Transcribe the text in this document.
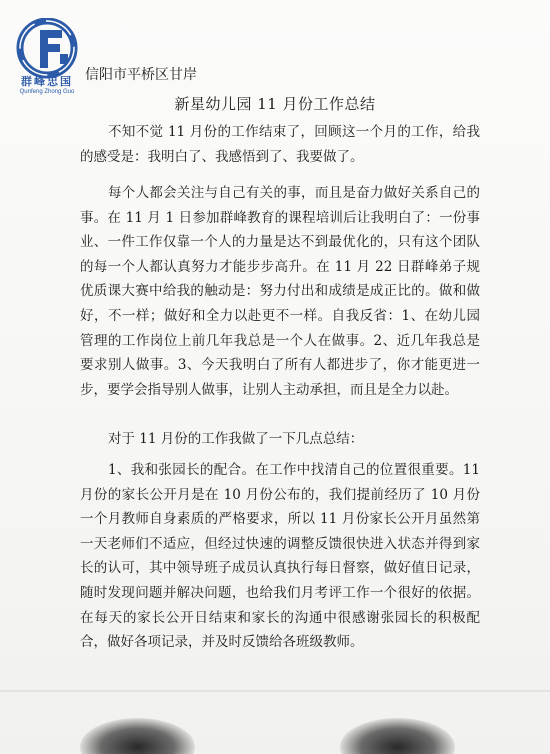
群峰忠国
Qunfeng Zhong Guo
信阳市平桥区甘岸
新星幼儿园 11 月份工作总结

不知不觉 11 月份的工作结束了，回顾这一个月的工作，给我的感受是：我明白了、我感悟到了、我要做了。

每个人都会关注与自己有关的事，而且是奋力做好关系自己的事。在 11 月 1 日参加群峰教育的课程培训后让我明白了：一份事业、一件工作仅靠一个人的力量是达不到最优化的，只有这个团队的每一个人都认真努力才能步步高升。在 11 月 22 日群峰弟子规优质课大赛中给我的触动是：努力付出和成绩是成正比的。做和做好，不一样；做好和全力以赴更不一样。自我反省：1、在幼儿园管理的工作岗位上前几年我总是一个人在做事。2、近几年我总是要求别人做事。3、今天我明白了所有人都进步了，你才能更进一步，要学会指导别人做事，让别人主动承担，而且是全力以赴。

对于 11 月份的工作我做了一下几点总结：

1、我和张园长的配合。在工作中找清自己的位置很重要。11 月份的家长公开月是在 10 月份公布的，我们提前经历了 10 月份一个月教师自身素质的严格要求，所以 11 月份家长公开月虽然第一天老师们不适应，但经过快速的调整反馈很快进入状态并得到家长的认可，其中领导班子成员认真执行每日督察，做好值日记录，随时发现问题并解决问题，也给我们月考评工作一个很好的依据。在每天的家长公开日结束和家长的沟通中很感谢张园长的积极配合，做好各项记录，并及时反馈给各班级教师。
